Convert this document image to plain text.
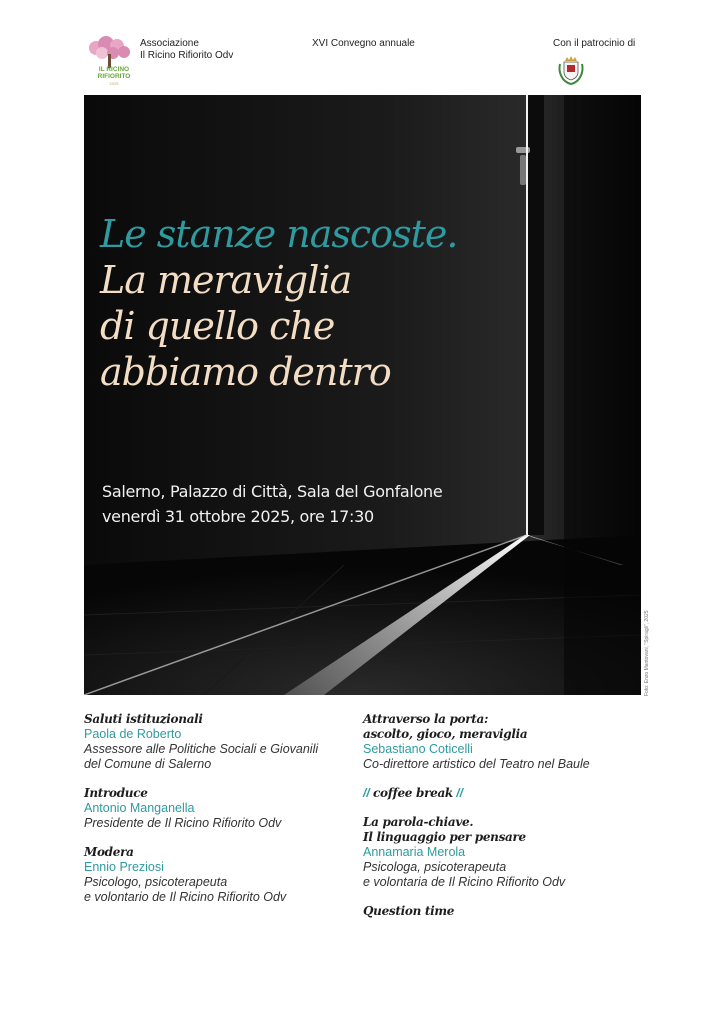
IL RICINO
RIFIORITO
2025
Associazione
Il Ricino Rifiorito Odv
XVI Convegno annuale	Con il patrocinio di
Le stanze nascoste.
La meraviglia
di quello che
abbiamo dentro
Salerno, Palazzo di Città, Sala del Gonfalone
venerdì 31 ottobre 2025, ore 17:30
Foto: Enzo Mantovani, "Spiragli", 2025
Saluti istituzionali
Paola de Roberto
Assessore alle Politiche Sociali e Giovanili
del Comune di Salerno
Introduce
Antonio Manganella
Presidente de Il Ricino Rifiorito Odv
Modera
Ennio Preziosi
Psicologo, psicoterapeuta
e volontario de Il Ricino Rifiorito Odv
Attraverso la porta:
ascolto, gioco, meraviglia
Sebastiano Coticelli
Co-direttore artistico del Teatro nel Baule
// coffee break //
La parola-chiave.
Il linguaggio per pensare
Annamaria Merola
Psicologa, psicoterapeuta
e volontaria de Il Ricino Rifiorito Odv
Question time
